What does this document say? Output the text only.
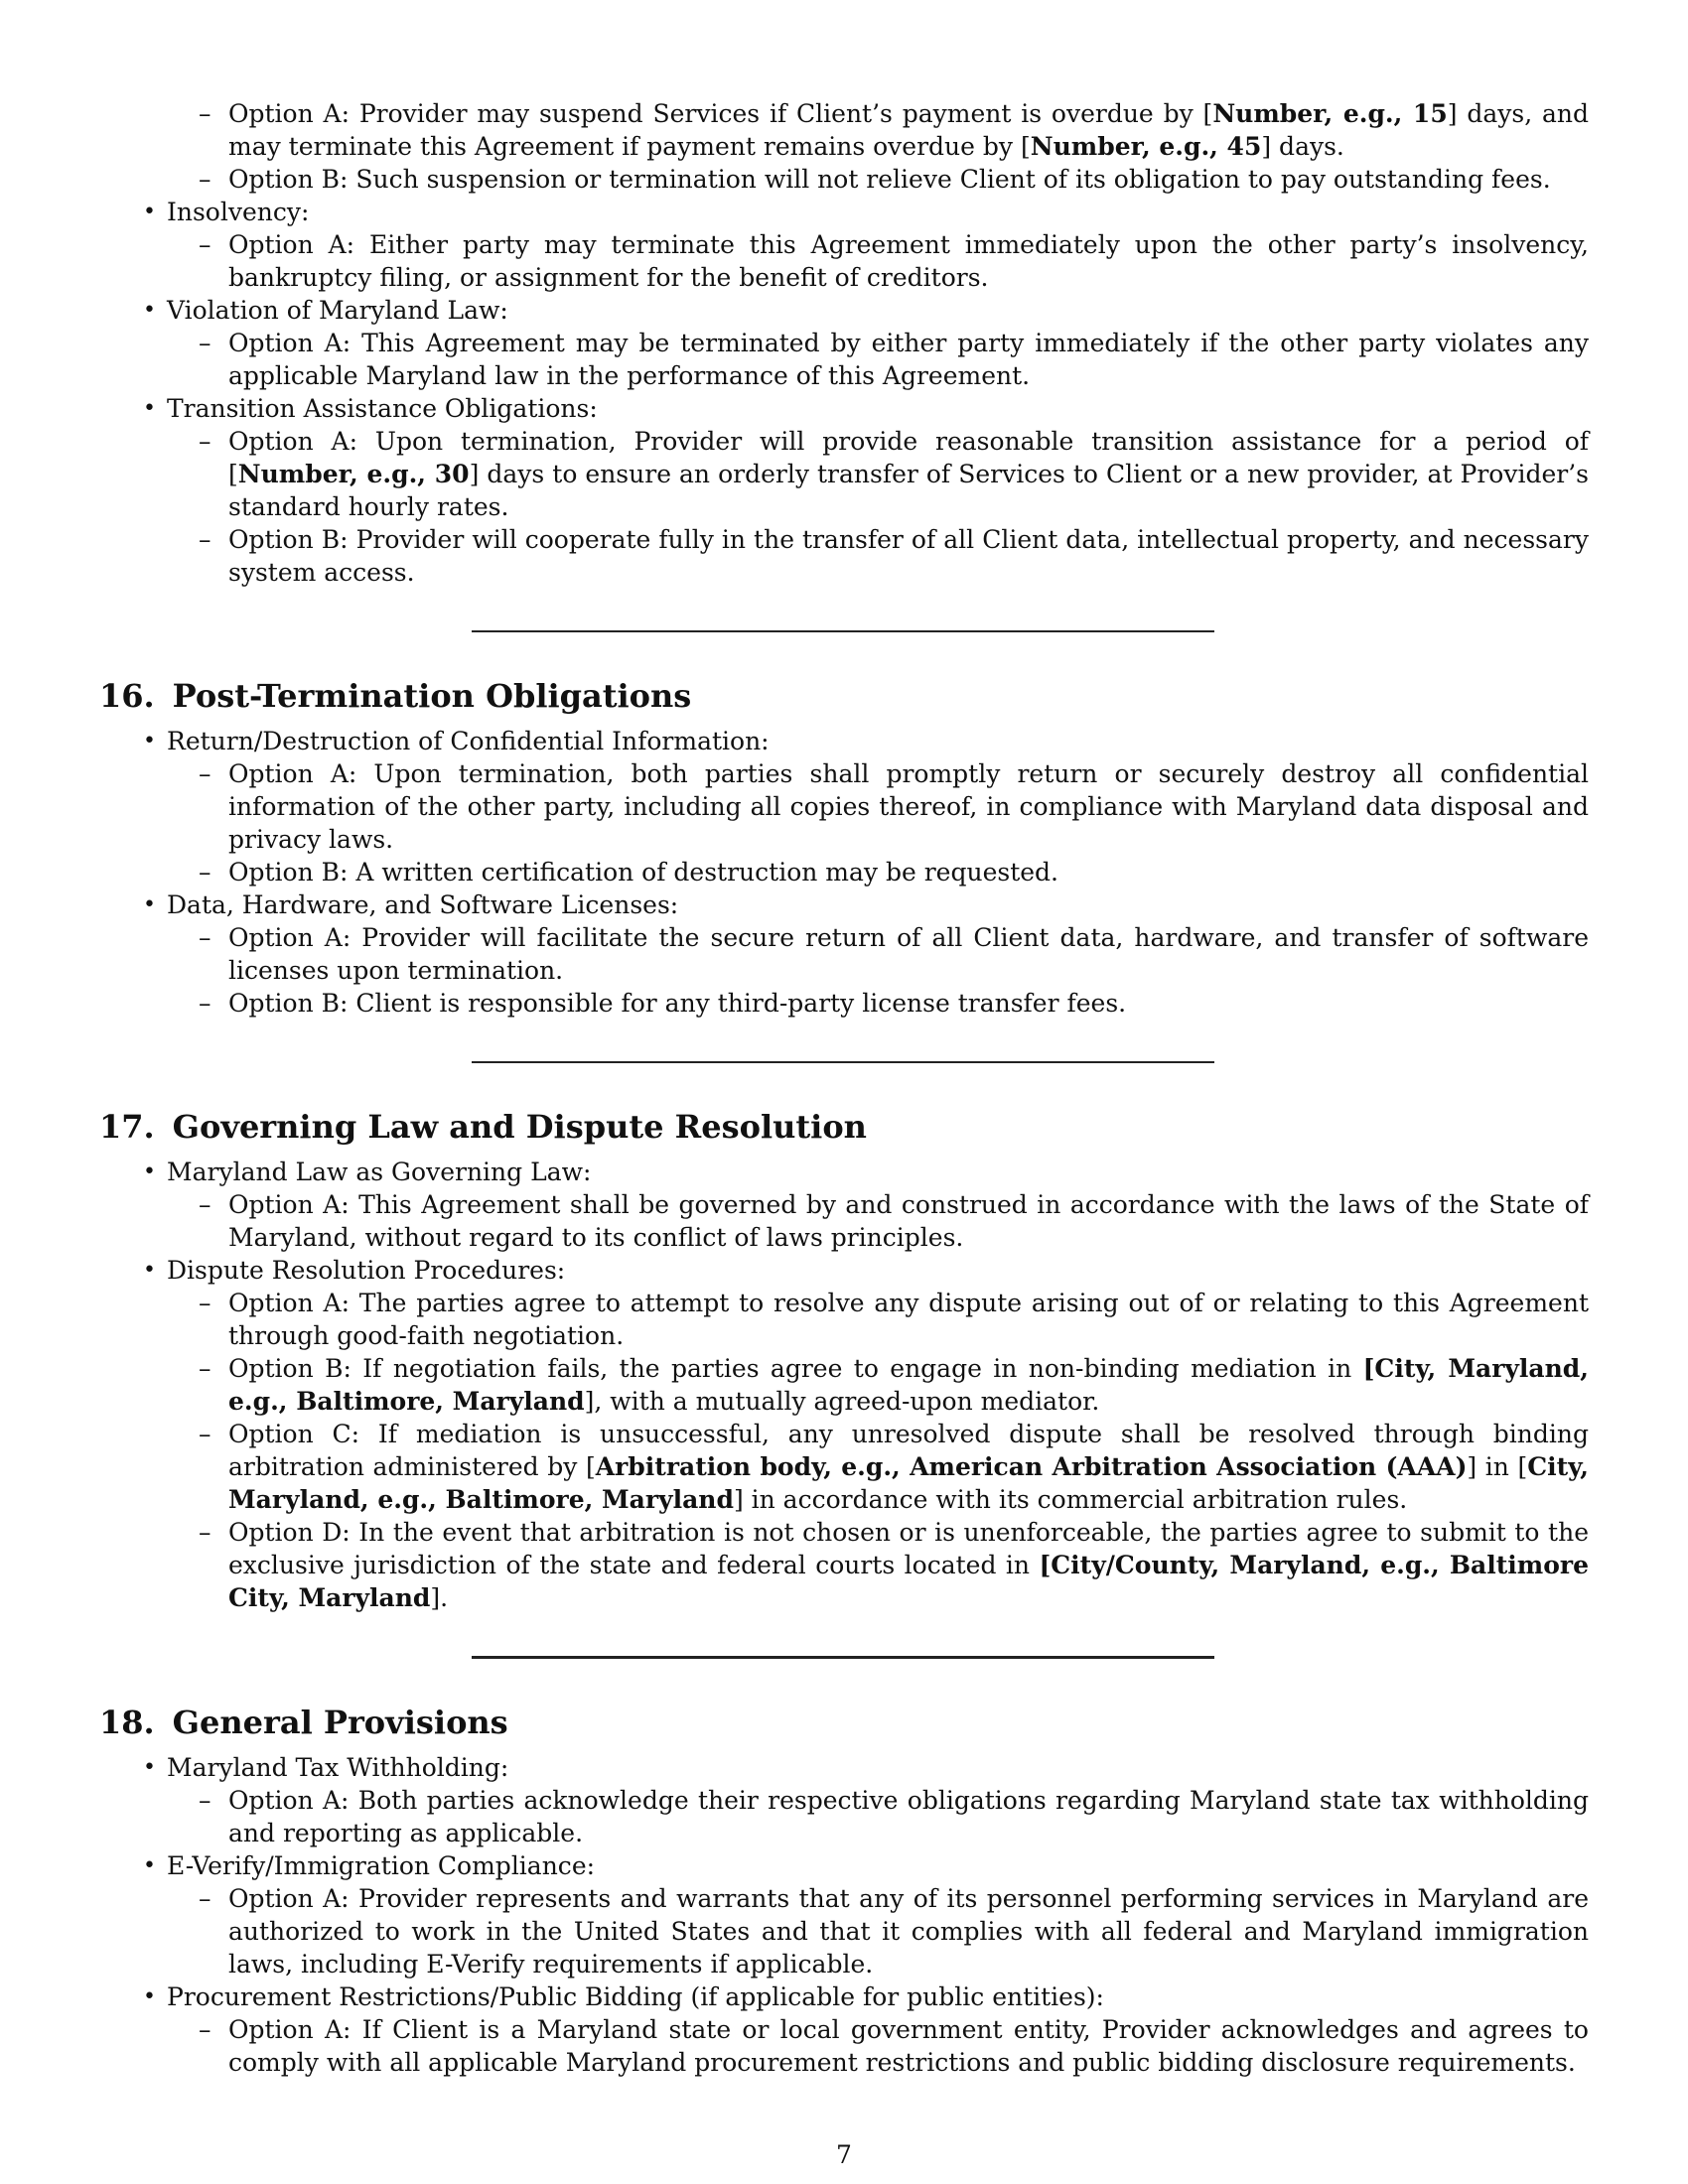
– Option A: Provider may suspend Services if Client’s payment is overdue by [Number, e.g., 15] days, and may terminate this Agreement if payment remains overdue by [Number, e.g., 45] days.
– Option B: Such suspension or termination will not relieve Client of its obligation to pay outstanding fees.
• Insolvency:
– Option A: Either party may terminate this Agreement immediately upon the other party’s insolvency, bankruptcy filing, or assignment for the benefit of creditors.
• Violation of Maryland Law:
– Option A: This Agreement may be terminated by either party immediately if the other party violates any applicable Maryland law in the performance of this Agreement.
• Transition Assistance Obligations:
– Option A: Upon termination, Provider will provide reasonable transition assistance for a period of [Number, e.g., 30] days to ensure an orderly transfer of Services to Client or a new provider, at Provider’s standard hourly rates.
– Option B: Provider will cooperate fully in the transfer of all Client data, intellectual property, and necessary system access.
16. Post-Termination Obligations
• Return/Destruction of Confidential Information:
– Option A: Upon termination, both parties shall promptly return or securely destroy all confidential information of the other party, including all copies thereof, in compliance with Maryland data disposal and privacy laws.
– Option B: A written certification of destruction may be requested.
• Data, Hardware, and Software Licenses:
– Option A: Provider will facilitate the secure return of all Client data, hardware, and transfer of software licenses upon termination.
– Option B: Client is responsible for any third-party license transfer fees.
17. Governing Law and Dispute Resolution
• Maryland Law as Governing Law:
– Option A: This Agreement shall be governed by and construed in accordance with the laws of the State of Maryland, without regard to its conflict of laws principles.
• Dispute Resolution Procedures:
– Option A: The parties agree to attempt to resolve any dispute arising out of or relating to this Agreement through good-faith negotiation.
– Option B: If negotiation fails, the parties agree to engage in non-binding mediation in [City, Maryland, e.g., Baltimore, Maryland], with a mutually agreed-upon mediator.
– Option C: If mediation is unsuccessful, any unresolved dispute shall be resolved through binding arbitration administered by [Arbitration body, e.g., American Arbitration Association (AAA)] in [City, Maryland, e.g., Baltimore, Maryland] in accordance with its commercial arbitration rules.
– Option D: In the event that arbitration is not chosen or is unenforceable, the parties agree to submit to the exclusive jurisdiction of the state and federal courts located in [City/County, Maryland, e.g., Baltimore City, Maryland].
18. General Provisions
• Maryland Tax Withholding:
– Option A: Both parties acknowledge their respective obligations regarding Maryland state tax withholding and reporting as applicable.
• E-Verify/Immigration Compliance:
– Option A: Provider represents and warrants that any of its personnel performing services in Maryland are authorized to work in the United States and that it complies with all federal and Maryland immigration laws, including E-Verify requirements if applicable.
• Procurement Restrictions/Public Bidding (if applicable for public entities):
– Option A: If Client is a Maryland state or local government entity, Provider acknowledges and agrees to comply with all applicable Maryland procurement restrictions and public bidding disclosure requirements.
7
